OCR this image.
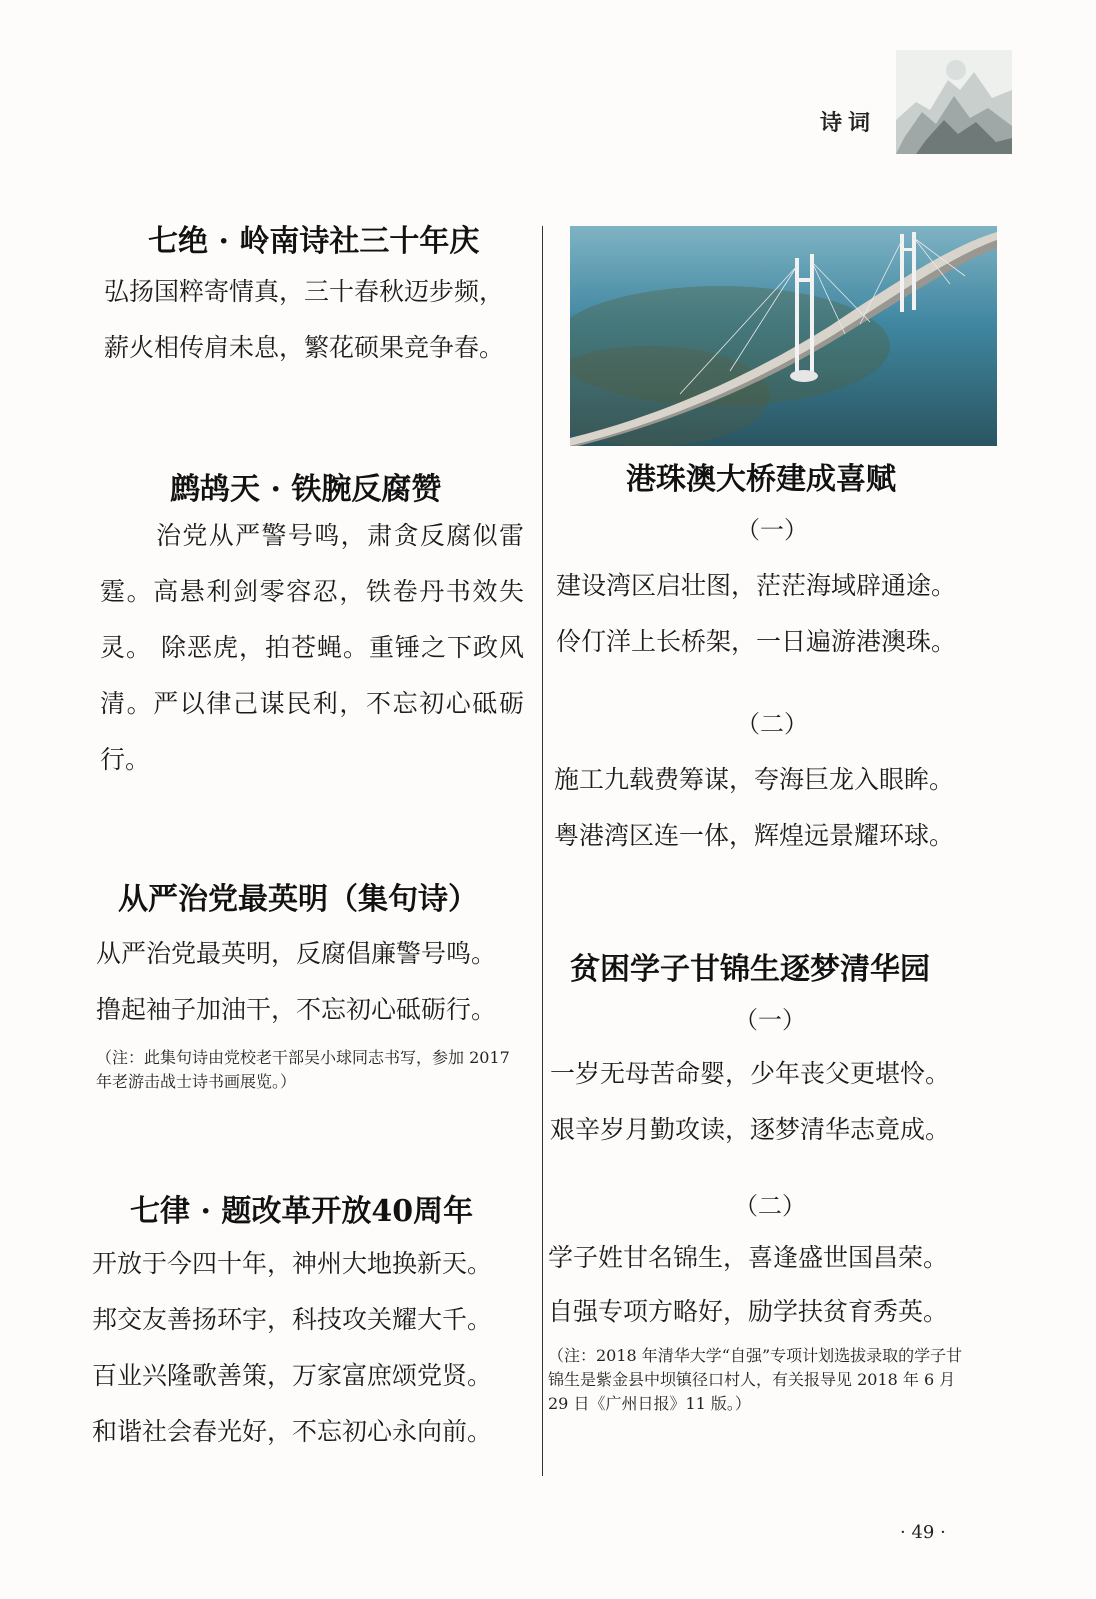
诗词
七绝 · 岭南诗社三十年庆
弘扬国粹寄情真，三十春秋迈步频，
薪火相传肩未息，繁花硕果竞争春。
鹧鸪天 · 铁腕反腐赞
治党从严警号鸣，肃贪反腐似雷霆。高悬利剑零容忍，铁卷丹书效失灵。 除恶虎，拍苍蝇。重锤之下政风清。严以律己谋民利，不忘初心砥砺行。
从严治党最英明（集句诗）
从严治党最英明，反腐倡廉警号鸣。
撸起袖子加油干，不忘初心砥砺行。
（注：此集句诗由党校老干部吴小球同志书写，参加 2017 年老游击战士诗书画展览。）
七律 · 题改革开放40周年
开放于今四十年，神州大地换新天。
邦交友善扬环宇，科技攻关耀大千。
百业兴隆歌善策，万家富庶颂党贤。
和谐社会春光好，不忘初心永向前。
港珠澳大桥建成喜赋
（一）
建设湾区启壮图，茫茫海域辟通途。
伶仃洋上长桥架，一日遍游港澳珠。
（二）
施工九载费筹谋，夸海巨龙入眼眸。
粤港湾区连一体，辉煌远景耀环球。
贫困学子甘锦生逐梦清华园
（一）
一岁无母苦命婴，少年丧父更堪怜。
艰辛岁月勤攻读，逐梦清华志竟成。
（二）
学子姓甘名锦生，喜逢盛世国昌荣。
自强专项方略好，励学扶贫育秀英。
（注：2018 年清华大学“自强”专项计划选拔录取的学子甘锦生是紫金县中坝镇径口村人，有关报导见 2018 年 6 月 29 日《广州日报》11 版。）
· 49 ·
